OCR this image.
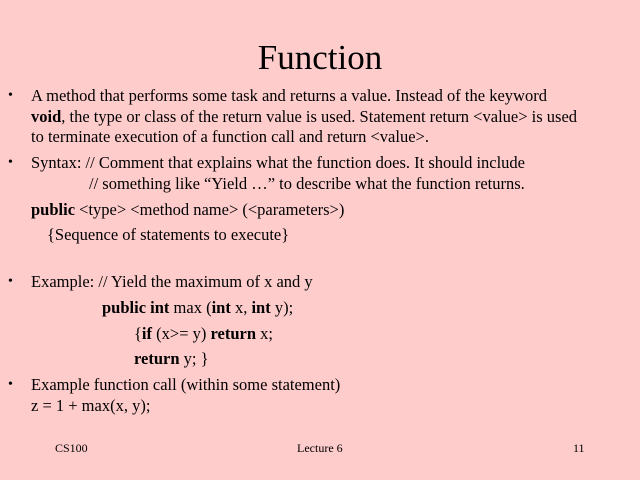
Function
•
•
•
•
A method that performs some task and returns a value. Instead of the keyword
void, the type or class of the return value is used. Statement return <value> is used
to terminate execution of a function call and return <value>.
Syntax: // Comment that explains what the function does. It should include
// something like “Yield …” to describe what the function returns.
public <type> <method name> (<parameters>)
{Sequence of statements to execute}
Example: // Yield the maximum of x and y
public int max (int x, int y);
{if (x>= y) return x;
return y; }
Example function call (within some statement)
z = 1 + max(x, y);
CS100	Lecture 6	11
